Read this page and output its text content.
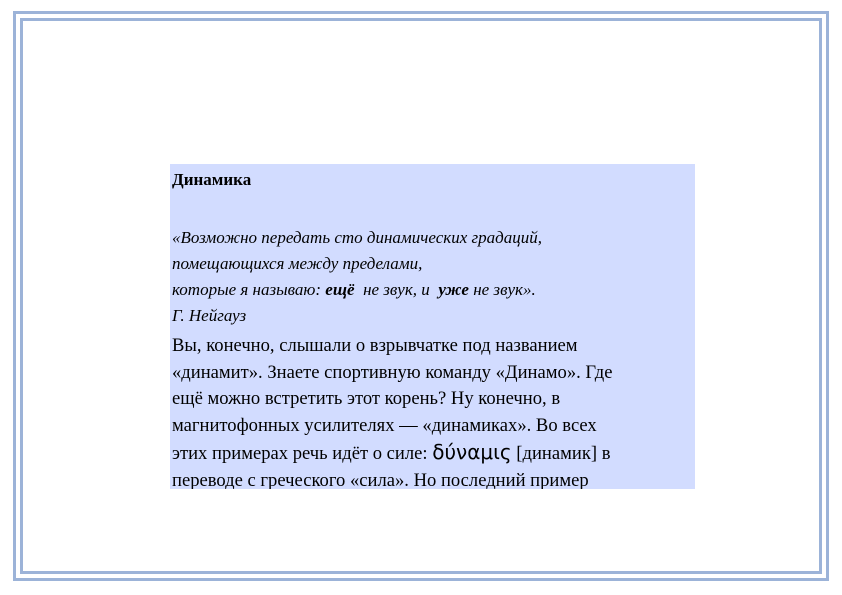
Динамика
«Возможно передать сто динамических градаций,
помещающихся между пределами,
которые я называю: ещё не звук, и уже не звук».
Г. Нейгауз
Вы, конечно, слышали о взрывчатке под названием
«динамит». Знаете спортивную команду «Динамо». Где
ещё можно встретить этот корень? Ну конечно, в
магнитофонных усилителях — «динамиках». Во всех
этих примерах речь идёт о силе: δύναμις [динамик] в
переводе с греческого «сила». Но последний пример
